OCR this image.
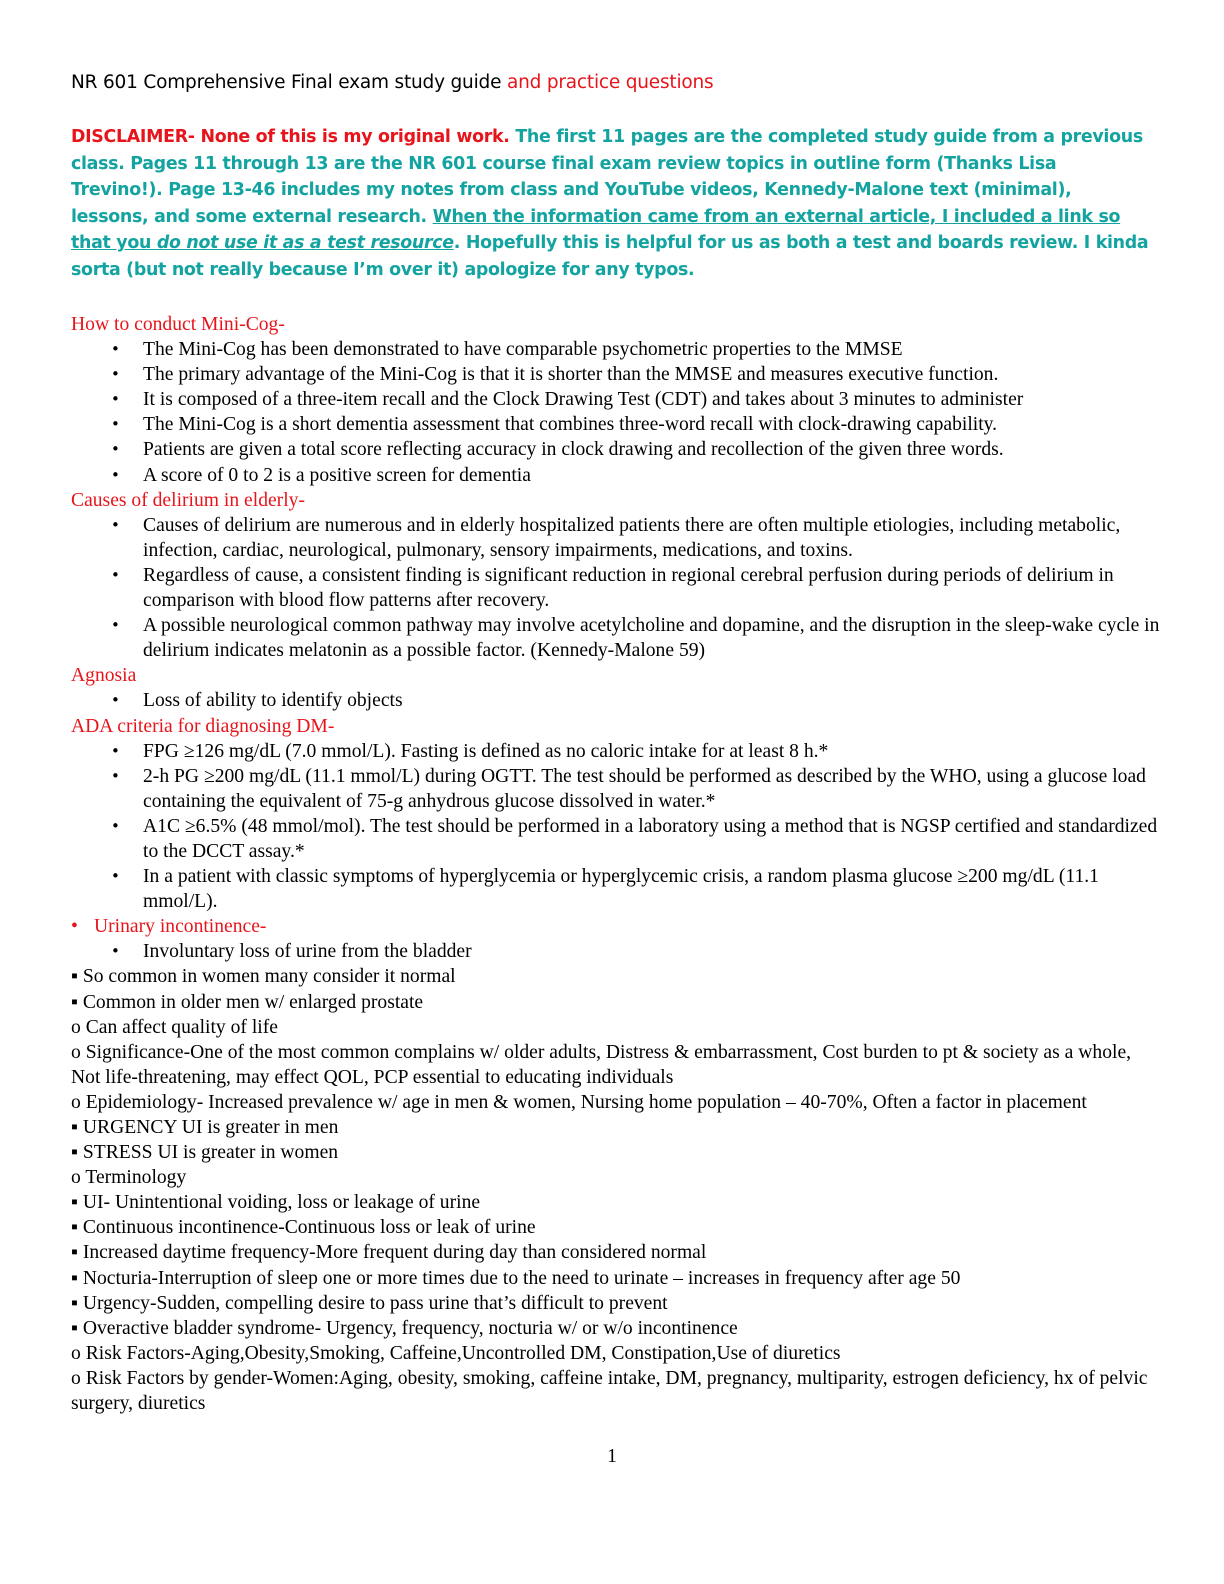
NR 601 Comprehensive Final exam study guide and practice questions
DISCLAIMER- None of this is my original work. The first 11 pages are the completed study guide from a previous class. Pages 11 through 13 are the NR 601 course final exam review topics in outline form (Thanks Lisa Trevino!). Page 13-46 includes my notes from class and YouTube videos, Kennedy-Malone text (minimal), lessons, and some external research. When the information came from an external article, I included a link so that you do not use it as a test resource. Hopefully this is helpful for us as both a test and boards review. I kinda sorta (but not really because I’m over it) apologize for any typos.
How to conduct Mini-Cog-
• The Mini-Cog has been demonstrated to have comparable psychometric properties to the MMSE
• The primary advantage of the Mini-Cog is that it is shorter than the MMSE and measures executive function.
• It is composed of a three-item recall and the Clock Drawing Test (CDT) and takes about 3 minutes to administer
• The Mini-Cog is a short dementia assessment that combines three-word recall with clock-drawing capability.
• Patients are given a total score reflecting accuracy in clock drawing and recollection of the given three words.
• A score of 0 to 2 is a positive screen for dementia
Causes of delirium in elderly-
• Causes of delirium are numerous and in elderly hospitalized patients there are often multiple etiologies, including metabolic, infection, cardiac, neurological, pulmonary, sensory impairments, medications, and toxins.
• Regardless of cause, a consistent finding is significant reduction in regional cerebral perfusion during periods of delirium in comparison with blood flow patterns after recovery.
• A possible neurological common pathway may involve acetylcholine and dopamine, and the disruption in the sleep-wake cycle in delirium indicates melatonin as a possible factor. (Kennedy-Malone 59)
Agnosia
• Loss of ability to identify objects
ADA criteria for diagnosing DM-
• FPG ≥126 mg/dL (7.0 mmol/L). Fasting is defined as no caloric intake for at least 8 h.*
• 2-h PG ≥200 mg/dL (11.1 mmol/L) during OGTT. The test should be performed as described by the WHO, using a glucose load containing the equivalent of 75-g anhydrous glucose dissolved in water.*
• A1C ≥6.5% (48 mmol/mol). The test should be performed in a laboratory using a method that is NGSP certified and standardized to the DCCT assay.*
• In a patient with classic symptoms of hyperglycemia or hyperglycemic crisis, a random plasma glucose ≥200 mg/dL (11.1 mmol/L).
• Urinary incontinence-
• Involuntary loss of urine from the bladder
▪ So common in women many consider it normal
▪ Common in older men w/ enlarged prostate
o Can affect quality of life
o Significance-One of the most common complains w/ older adults, Distress & embarrassment, Cost burden to pt & society as a whole, Not life-threatening, may effect QOL, PCP essential to educating individuals
o Epidemiology- Increased prevalence w/ age in men & women, Nursing home population – 40-70%, Often a factor in placement
▪ URGENCY UI is greater in men
▪ STRESS UI is greater in women
o Terminology
▪ UI- Unintentional voiding, loss or leakage of urine
▪ Continuous incontinence-Continuous loss or leak of urine
▪ Increased daytime frequency-More frequent during day than considered normal
▪ Nocturia-Interruption of sleep one or more times due to the need to urinate – increases in frequency after age 50
▪ Urgency-Sudden, compelling desire to pass urine that’s difficult to prevent
▪ Overactive bladder syndrome- Urgency, frequency, nocturia w/ or w/o incontinence
o Risk Factors-Aging,Obesity,Smoking, Caffeine,Uncontrolled DM, Constipation,Use of diuretics
o Risk Factors by gender-Women:Aging, obesity, smoking, caffeine intake, DM, pregnancy, multiparity, estrogen deficiency, hx of pelvic surgery, diuretics
1
